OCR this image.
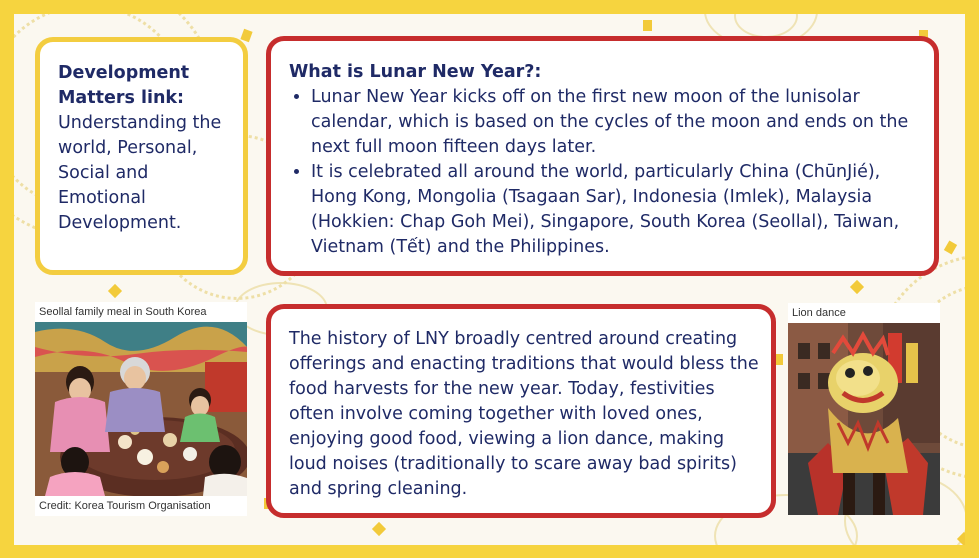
Development Matters link:
Understanding the world, Personal, Social and Emotional Development.
What is Lunar New Year?:
• Lunar New Year kicks off on the first new moon of the lunisolar calendar, which is based on the cycles of the moon and ends on the next full moon fifteen days later.
• It is celebrated all around the world, particularly China (ChūnJié), Hong Kong, Mongolia (Tsagaan Sar), Indonesia (Imlek), Malaysia (Hokkien: Chap Goh Mei), Singapore, South Korea (Seollal), Taiwan, Vietnam (Tết) and the Philippines.
The history of LNY broadly centred around creating offerings and enacting traditions that would bless the food harvests for the new year. Today, festivities often involve coming together with loved ones, enjoying good food, viewing a lion dance, making loud noises (traditionally to scare away bad spirits) and spring cleaning.
Seollal family meal in South Korea
Credit: Korea Tourism Organisation
Lion dance
